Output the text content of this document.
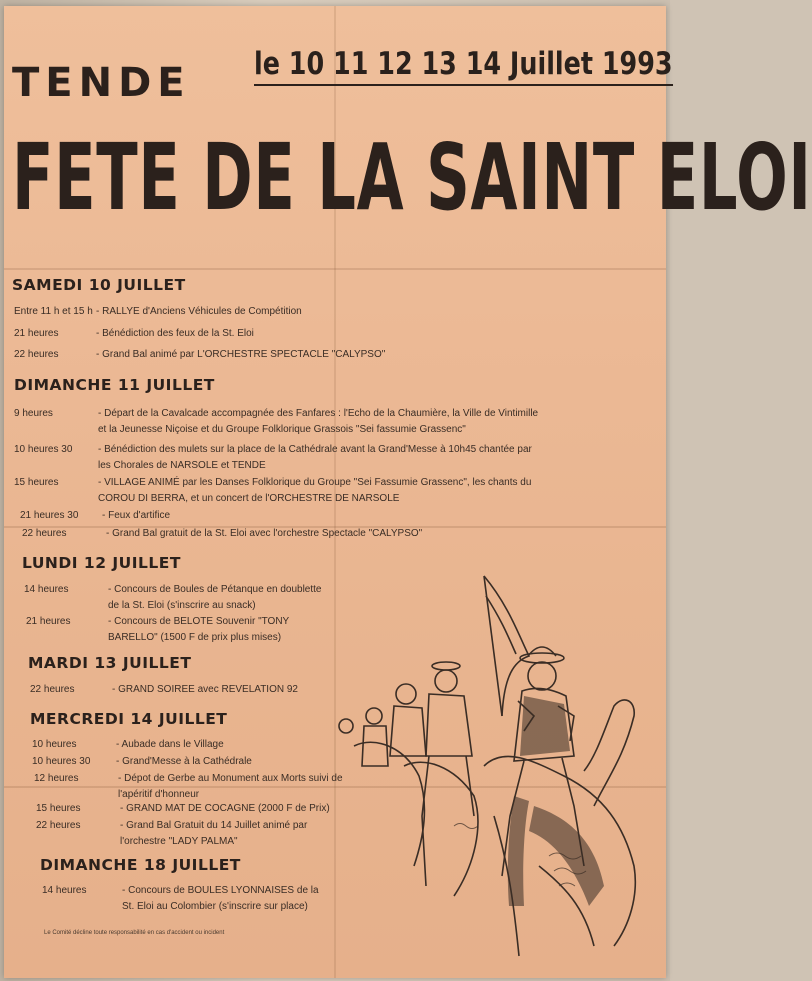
TENDE le 10 11 12 13 14 Juillet 1993
FETE DE LA SAINT ELOI
SAMEDI 10 JUILLET
Entre 11 h et 15 h - RALLYE d'Anciens Véhicules de Compétition
21 heures	- Bénédiction des feux de la St. Eloi
22 heures	- Grand Bal animé par L'ORCHESTRE SPECTACLE "CALYPSO"
DIMANCHE 11 JUILLET
9 heures	- Départ de la Cavalcade accompagnée des Fanfares : l'Echo de la Chaumière, la Ville de Vintimille
et la Jeunesse Niçoise et du Groupe Folklorique Grassois "Sei fassumie Grassenc"
10 heures 30	- Bénédiction des mulets sur la place de la Cathédrale avant la Grand'Messe à 10h45 chantée par
les Chorales de NARSOLE et TENDE
15 heures	- VILLAGE ANIMÉ par les Danses Folklorique du Groupe "Sei Fassumie Grassenc", les chants du
COROU DI BERRA, et un concert de l'ORCHESTRE DE NARSOLE
21 heures 30 - Feux d'artifice
22 heures	- Grand Bal gratuit de la St. Eloi avec l'orchestre Spectacle "CALYPSO"
LUNDI 12 JUILLET
14 heures	- Concours de Boules de Pétanque en doublette
de la St. Eloi (s'inscrire au snack)
21 heures	- Concours de BELOTE Souvenir "TONY
BARELLO" (1500 F de prix plus mises)
MARDI 13 JUILLET
22 heures	- GRAND SOIREE avec REVELATION 92
MERCREDI 14 JUILLET
10 heures	- Aubade dans le Village
10 heures 30	- Grand'Messe à la Cathédrale
12 heures	- Dépot de Gerbe au Monument aux Morts suivi de
l'apéritif d'honneur
15 heures	- GRAND MAT DE COCAGNE (2000 F de Prix)
22 heures	- Grand Bal Gratuit du 14 Juillet animé par
l'orchestre "LADY PALMA"
DIMANCHE 18 JUILLET
14 heures	- Concours de BOULES LYONNAISES de la
St. Eloi au Colombier (s'inscrire sur place)
Le Comité décline toute responsabilité en cas d'accident ou incident
